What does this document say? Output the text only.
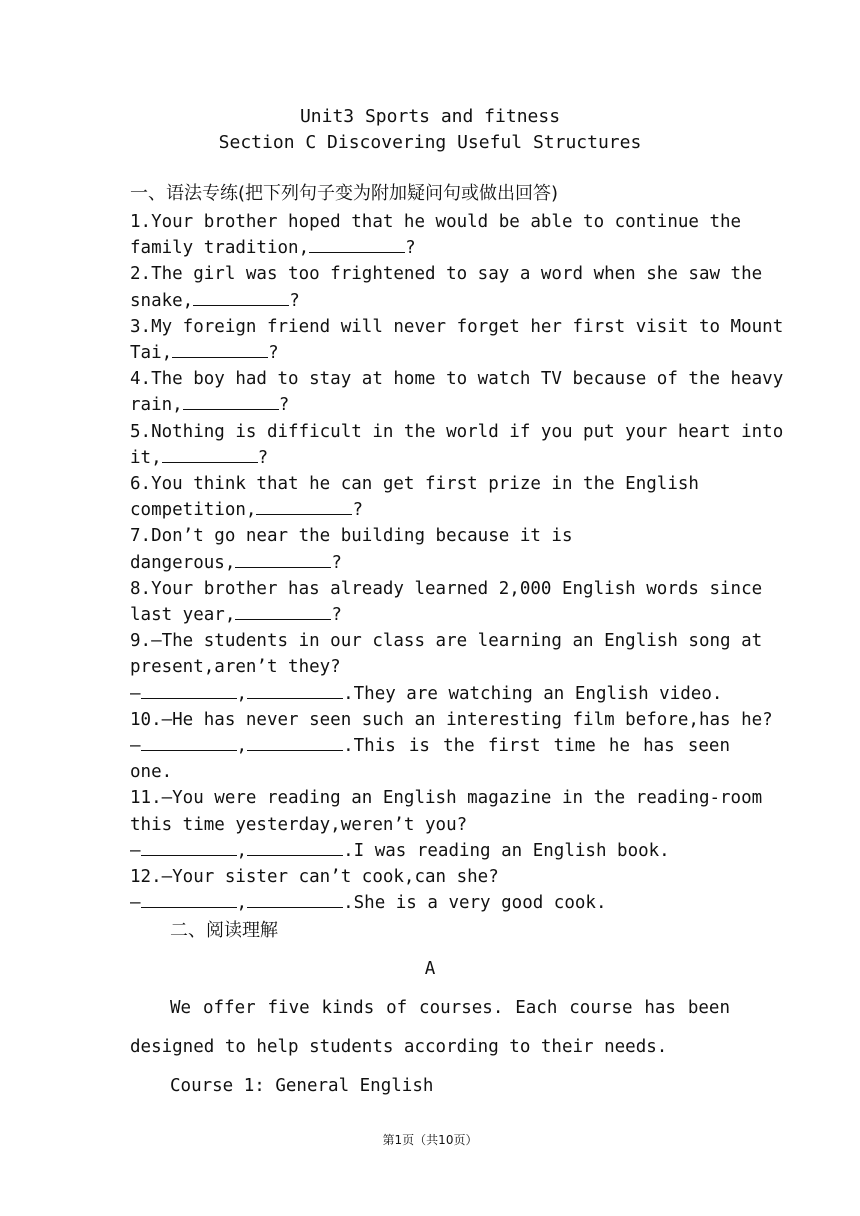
Unit3 Sports and fitness
Section C Discovering Useful Structures
一、语法专练(把下列句子变为附加疑问句或做出回答)
1.Your brother hoped that he would be able to continue the
family tradition,	?
2.The girl was too frightened to say a word when she saw the
snake,	?
3.My foreign friend will never forget her first visit to Mount
Tai,	?
4.The boy had to stay at home to watch TV because of the heavy
rain,	?
5.Nothing is difficult in the world if you put your heart into
it,	?
6.You think that he can get first prize in the English
competition,	?
7.Don’t go near the building because it is
dangerous,	?
8.Your brother has already learned 2,000 English words since
last year,	?
9.—The students in our class are learning an English song at
present,aren’t they?
—	,	.They are watching an English video.
10.—He has never seen such an interesting film before,has he?
—	,	.This is the first time he has seen
one.
11.—You were reading an English magazine in the reading-room
this time yesterday,weren’t you?
—	,	.I was reading an English book.
12.—Your sister can’t cook,can she?
—	,	.She is a very good cook.
二、阅读理解
A
We offer five kinds of courses. Each course has been
designed to help students according to their needs.
Course 1: General English
第1页（共10页）
